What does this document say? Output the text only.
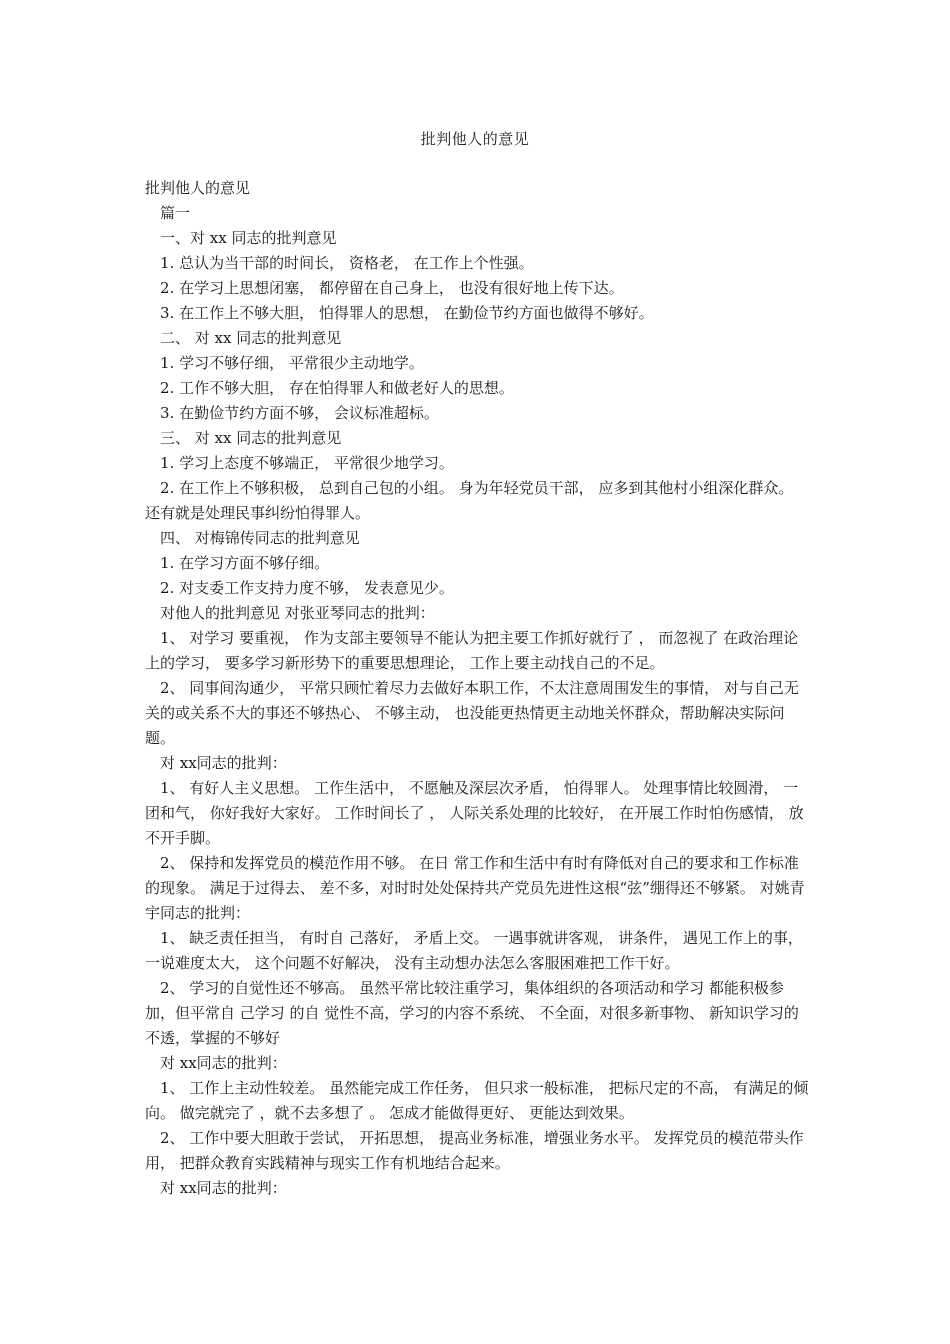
批判他人的意见

批判他人的意见

篇一

一、对 xx 同志的批判意见

1. 总认为当干部的时间长， 资格老， 在工作上个性强。

2. 在学习上思想闭塞， 都停留在自己身上， 也没有很好地上传下达。

3. 在工作上不够大胆， 怕得罪人的思想， 在勤俭节约方面也做得不够好。

二、 对 xx 同志的批判意见

1. 学习不够仔细， 平常很少主动地学。

2. 工作不够大胆， 存在怕得罪人和做老好人的思想。

3. 在勤俭节约方面不够， 会议标准超标。

三、 对 xx 同志的批判意见

1. 学习上态度不够端正， 平常很少地学习。

2. 在工作上不够积极， 总到自己包的小组。 身为年轻党员干部， 应多到其他村小组深化群众。 还有就是处理民事纠纷怕得罪人。

四、 对梅锦传同志的批判意见

1. 在学习方面不够仔细。

2. 对支委工作支持力度不够， 发表意见少。

对他人的批判意见 对张亚琴同志的批判：

1、 对学习 要重视， 作为支部主要领导不能认为把主要工作抓好就行了 ， 而忽视了 在政治理论上的学习， 要多学习新形势下的重要思想理论， 工作上要主动找自己的不足。

2、 同事间沟通少， 平常只顾忙着尽力去做好本职工作，不太注意周围发生的事情， 对与自己无关的或关系不大的事还不够热心、 不够主动， 也没能更热情更主动地关怀群众，帮助解决实际问题。

对 xx同志的批判：

1、 有好人主义思想。 工作生活中， 不愿触及深层次矛盾， 怕得罪人。 处理事情比较圆滑， 一团和气， 你好我好大家好。 工作时间长了 ， 人际关系处理的比较好， 在开展工作时怕伤感情， 放不开手脚。

2、 保持和发挥党员的模范作用不够。 在日 常工作和生活中有时有降低对自己的要求和工作标准的现象。 满足于过得去、 差不多，对时时处处保持共产党员先进性这根“弦”绷得还不够紧。 对姚青宇同志的批判：

1、 缺乏责任担当， 有时自 己落好， 矛盾上交。 一遇事就讲客观， 讲条件， 遇见工作上的事， 一说难度太大， 这个问题不好解决， 没有主动想办法怎么客服困难把工作干好。

2、 学习的自觉性还不够高。 虽然平常比较注重学习，集体组织的各项活动和学习 都能积极参加，但平常自 己学习 的自 觉性不高，学习的内容不系统、 不全面，对很多新事物、 新知识学习的不透，掌握的不够好

对 xx同志的批判：

1、 工作上主动性较差。 虽然能完成工作任务， 但只求一般标准， 把标尺定的不高， 有满足的倾向。 做完就完了 ，就不去多想了 。 怎成才能做得更好、 更能达到效果。

2、 工作中要大胆敢于尝试， 开拓思想， 提高业务标准，增强业务水平。 发挥党员的模范带头作用， 把群众教育实践精神与现实工作有机地结合起来。

对 xx同志的批判：
